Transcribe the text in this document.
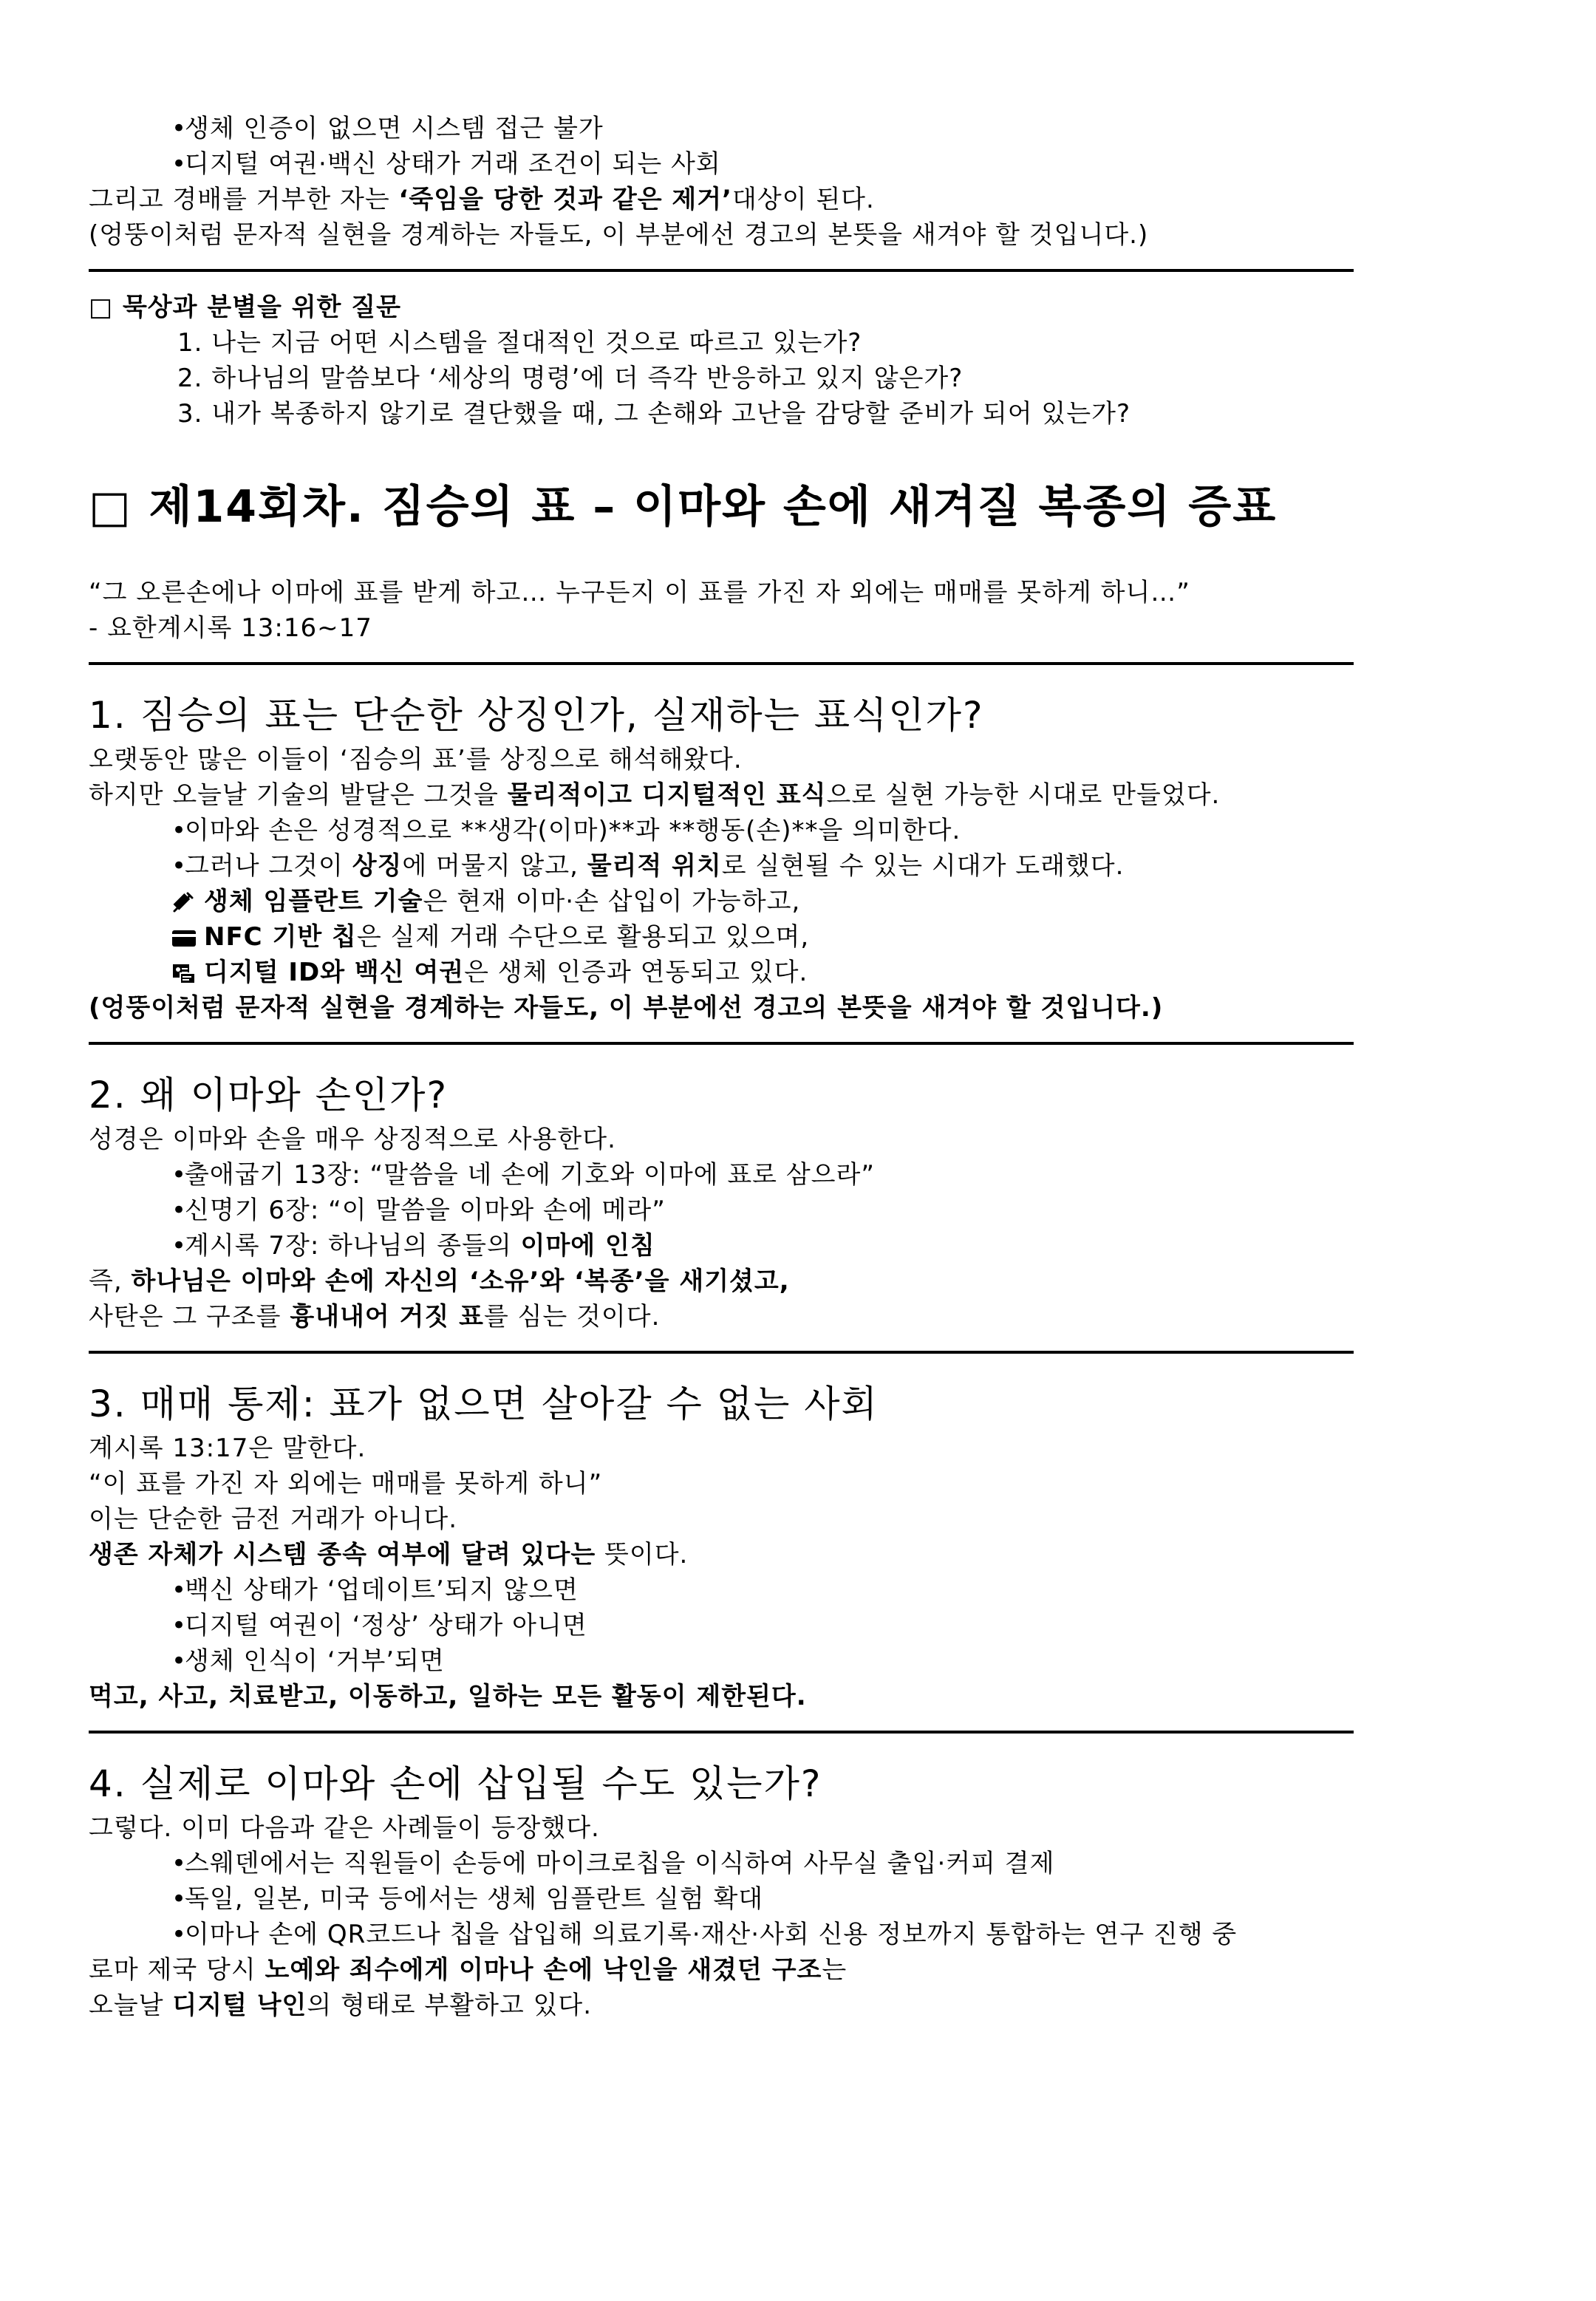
• 생체 인증이 없으면 시스템 접근 불가
• 디지털 여권·백신 상태가 거래 조건이 되는 사회
그리고 경배를 거부한 자는 ‘죽임을 당한 것과 같은 제거’대상이 된다.
(엉뚱이처럼 문자적 실현을 경계하는 자들도, 이 부분에선 경고의 본뜻을 새겨야 할 것입니다.)
□ 묵상과 분별을 위한 질문
1. 나는 지금 어떤 시스템을 절대적인 것으로 따르고 있는가?
2. 하나님의 말씀보다 ‘세상의 명령’에 더 즉각 반응하고 있지 않은가?
3. 내가 복종하지 않기로 결단했을 때, 그 손해와 고난을 감당할 준비가 되어 있는가?
□ 제14회차. 짐승의 표 – 이마와 손에 새겨질 복종의 증표
“그 오른손에나 이마에 표를 받게 하고… 누구든지 이 표를 가진 자 외에는 매매를 못하게 하니…”
- 요한계시록 13:16~17
1. 짐승의 표는 단순한 상징인가, 실재하는 표식인가?
오랫동안 많은 이들이 ‘짐승의 표’를 상징으로 해석해왔다.
하지만 오늘날 기술의 발달은 그것을 물리적이고 디지털적인 표식으로 실현 가능한 시대로 만들었다.
• 이마와 손은 성경적으로 **생각(이마)**과 **행동(손)**을 의미한다.
• 그러나 그것이 상징에 머물지 않고, 물리적 위치로 실현될 수 있는 시대가 도래했다.
생체 임플란트 기술은 현재 이마·손 삽입이 가능하고,
NFC 기반 칩은 실제 거래 수단으로 활용되고 있으며,
디지털 ID와 백신 여권은 생체 인증과 연동되고 있다.
(엉뚱이처럼 문자적 실현을 경계하는 자들도, 이 부분에선 경고의 본뜻을 새겨야 할 것입니다.)
2. 왜 이마와 손인가?
성경은 이마와 손을 매우 상징적으로 사용한다.
• 출애굽기 13장: “말씀을 네 손에 기호와 이마에 표로 삼으라”
• 신명기 6장: “이 말씀을 이마와 손에 메라”
• 계시록 7장: 하나님의 종들의 이마에 인침
즉, 하나님은 이마와 손에 자신의 ‘소유’와 ‘복종’을 새기셨고,
사탄은 그 구조를 흉내내어 거짓 표를 심는 것이다.
3. 매매 통제: 표가 없으면 살아갈 수 없는 사회
계시록 13:17은 말한다.
“이 표를 가진 자 외에는 매매를 못하게 하니”
이는 단순한 금전 거래가 아니다.
생존 자체가 시스템 종속 여부에 달려 있다는 뜻이다.
• 백신 상태가 ‘업데이트’되지 않으면
• 디지털 여권이 ‘정상’ 상태가 아니면
• 생체 인식이 ‘거부’되면
먹고, 사고, 치료받고, 이동하고, 일하는 모든 활동이 제한된다.
4. 실제로 이마와 손에 삽입될 수도 있는가?
그렇다. 이미 다음과 같은 사례들이 등장했다.
• 스웨덴에서는 직원들이 손등에 마이크로칩을 이식하여 사무실 출입·커피 결제
• 독일, 일본, 미국 등에서는 생체 임플란트 실험 확대
• 이마나 손에 QR코드나 칩을 삽입해 의료기록·재산·사회 신용 정보까지 통합하는 연구 진행 중
로마 제국 당시 노예와 죄수에게 이마나 손에 낙인을 새겼던 구조는
오늘날 디지털 낙인의 형태로 부활하고 있다.
